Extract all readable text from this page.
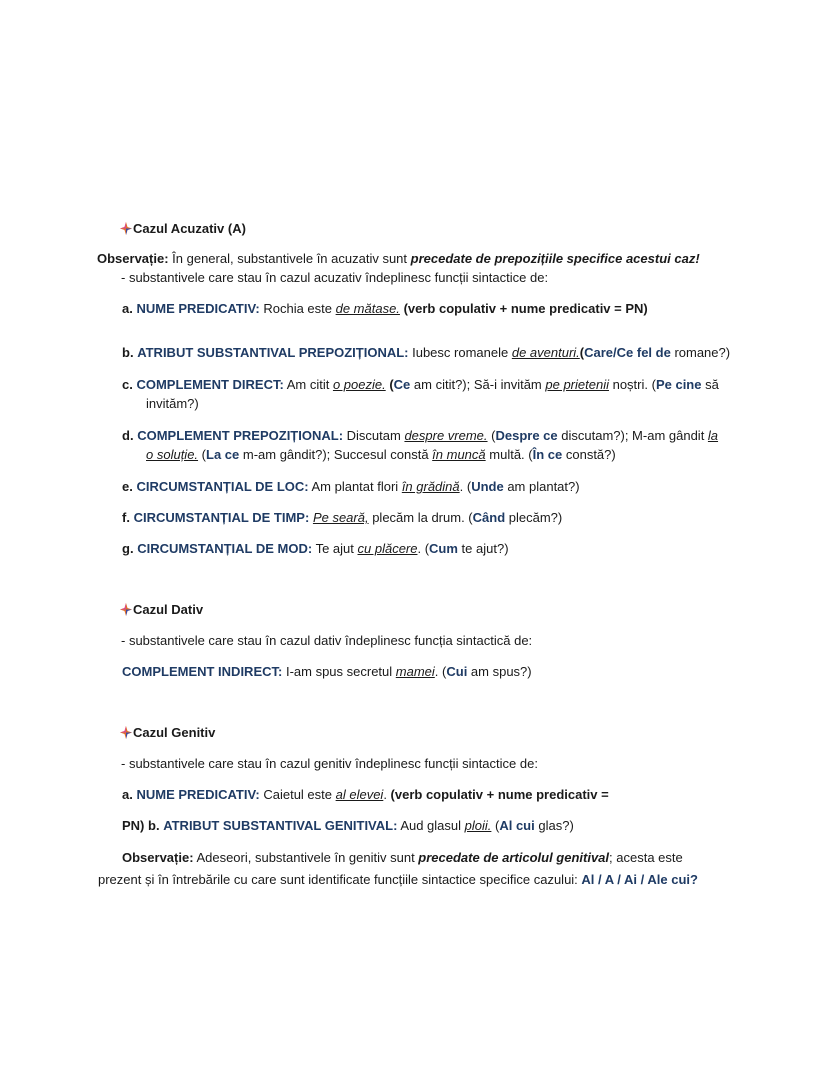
Cazul Acuzativ (A)
Observație: În general, substantivele în acuzativ sunt precedate de prepozițiile specifice acestui caz!
- substantivele care stau în cazul acuzativ îndeplinesc funcții sintactice de:
a. NUME PREDICATIV: Rochia este de mătase. (verb copulativ + nume predicativ = PN)
b. ATRIBUT SUBSTANTIVAL PREPOZIȚIONAL: Iubesc romanele de aventuri.(Care/Ce fel de romane?)
c. COMPLEMENT DIRECT: Am citit o poezie. (Ce am citit?); Să-i invităm pe prietenii noștri. (Pe cine să
invităm?)
d. COMPLEMENT PREPOZIȚIONAL: Discutam despre vreme. (Despre ce discutam?); M-am gândit la
o soluție. (La ce m-am gândit?); Succesul constă în muncă multă. (În ce constă?)
e. CIRCUMSTANȚIAL DE LOC: Am plantat flori în grădină. (Unde am plantat?)
f. CIRCUMSTANȚIAL DE TIMP: Pe seară, plecăm la drum. (Când plecăm?)
g. CIRCUMSTANȚIAL DE MOD: Te ajut cu plăcere. (Cum te ajut?)
Cazul Dativ
- substantivele care stau în cazul dativ îndeplinesc funcția sintactică de:
COMPLEMENT INDIRECT: I-am spus secretul mamei. (Cui am spus?)
Cazul Genitiv
- substantivele care stau în cazul genitiv îndeplinesc funcții sintactice de:
a. NUME PREDICATIV: Caietul este al elevei. (verb copulativ + nume predicativ =
PN) b. ATRIBUT SUBSTANTIVAL GENITIVAL: Aud glasul ploii. (Al cui glas?)
Observație: Adeseori, substantivele în genitiv sunt precedate de articolul genitival; acesta este
prezent și în întrebările cu care sunt identificate funcțiile sintactice specifice cazului: Al / A / Ai / Ale cui?
